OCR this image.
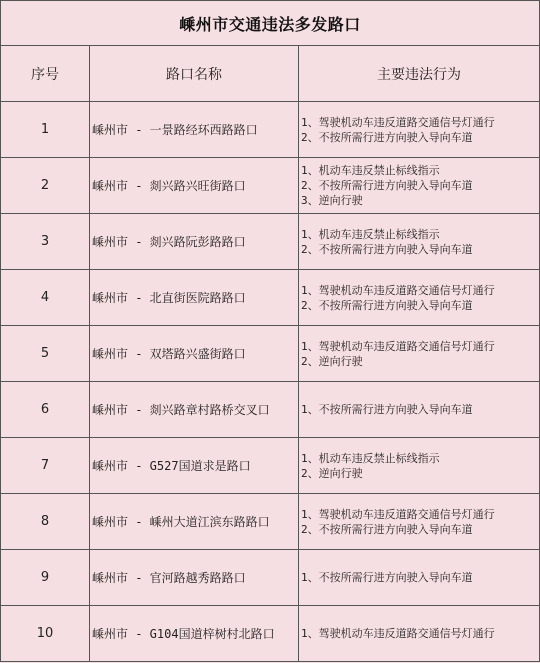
嵊州市交通违法多发路口		
序号	路口名称	主要违法行为
1	嵊州市 - 一景路经环西路路口	1、驾驶机动车违反道路交通信号灯通行
2、不按所需行进方向驶入导向车道

2	嵊州市 - 剡兴路兴旺街路口	1、机动车违反禁止标线指示
2、不按所需行进方向驶入导向车道
3、逆向行驶

3	嵊州市 - 剡兴路阮彭路路口	1、机动车违反禁止标线指示
2、不按所需行进方向驶入导向车道

4	嵊州市 - 北直街医院路路口	1、驾驶机动车违反道路交通信号灯通行
2、不按所需行进方向驶入导向车道

5	嵊州市 - 双塔路兴盛街路口	1、驾驶机动车违反道路交通信号灯通行
2、逆向行驶

6	嵊州市 - 剡兴路章村路桥交叉口	1、不按所需行进方向驶入导向车道

7	嵊州市 - G527国道求是路口	1、机动车违反禁止标线指示
2、逆向行驶

8	嵊州市 - 嵊州大道江滨东路路口	1、驾驶机动车违反道路交通信号灯通行
2、不按所需行进方向驶入导向车道

9	嵊州市 - 官河路越秀路路口	1、不按所需行进方向驶入导向车道

10	嵊州市 - G104国道梓树村北路口	1、驾驶机动车违反道路交通信号灯通行
